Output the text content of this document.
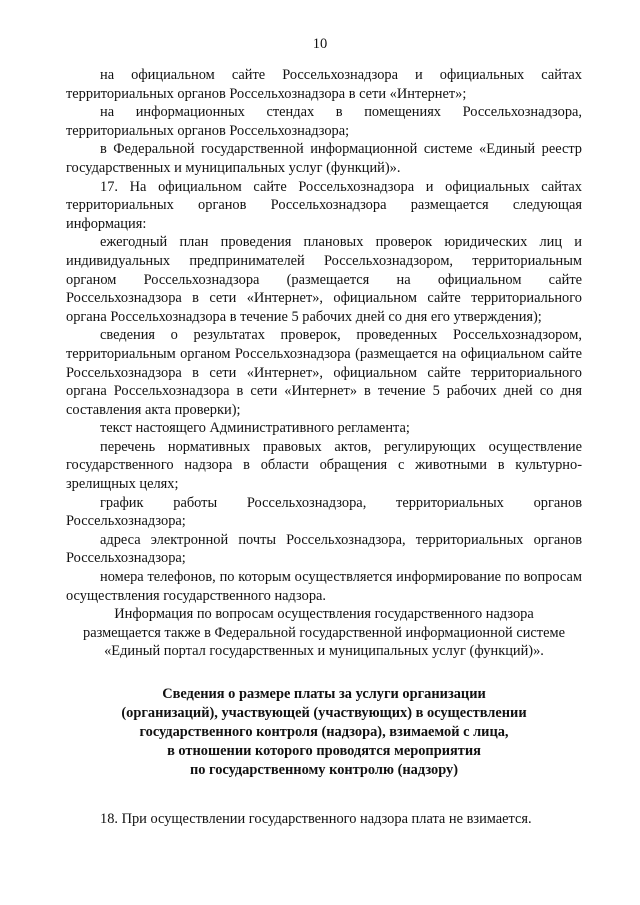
10

на официальном сайте Россельхознадзора и официальных сайтах территориальных органов Россельхознадзора в сети «Интернет»;

на информационных стендах в помещениях Россельхознадзора, территориальных органов Россельхознадзора;

в Федеральной государственной информационной системе «Единый реестр государственных и муниципальных услуг (функций)».

17. На официальном сайте Россельхознадзора и официальных сайтах территориальных органов Россельхознадзора размещается следующая информация:

ежегодный план проведения плановых проверок юридических лиц и индивидуальных предпринимателей Россельхознадзором, территориальным органом Россельхознадзора (размещается на официальном сайте Россельхознадзора в сети «Интернет», официальном сайте территориального органа Россельхознадзора в течение 5 рабочих дней со дня его утверждения);

сведения о результатах проверок, проведенных Россельхознадзором, территориальным органом Россельхознадзора (размещается на официальном сайте Россельхознадзора в сети «Интернет», официальном сайте территориального органа Россельхознадзора в сети «Интернет» в течение 5 рабочих дней со дня составления акта проверки);

текст настоящего Административного регламента;

перечень нормативных правовых актов, регулирующих осуществление государственного надзора в области обращения с животными в культурно-зрелищных целях;

график работы Россельхознадзора, территориальных органов Россельхознадзора;

адреса электронной почты Россельхознадзора, территориальных органов Россельхознадзора;

номера телефонов, по которым осуществляется информирование по вопросам осуществления государственного надзора.

Информация по вопросам осуществления государственного надзора

размещается также в Федеральной государственной информационной системе

«Единый портал государственных и муниципальных услуг (функций)».

Сведения о размере платы за услуги организации
(организаций), участвующей (участвующих) в осуществлении
государственного контроля (надзора), взимаемой с лица,
в отношении которого проводятся мероприятия
по государственному контролю (надзору)

18. При осуществлении государственного надзора плата не взимается.
